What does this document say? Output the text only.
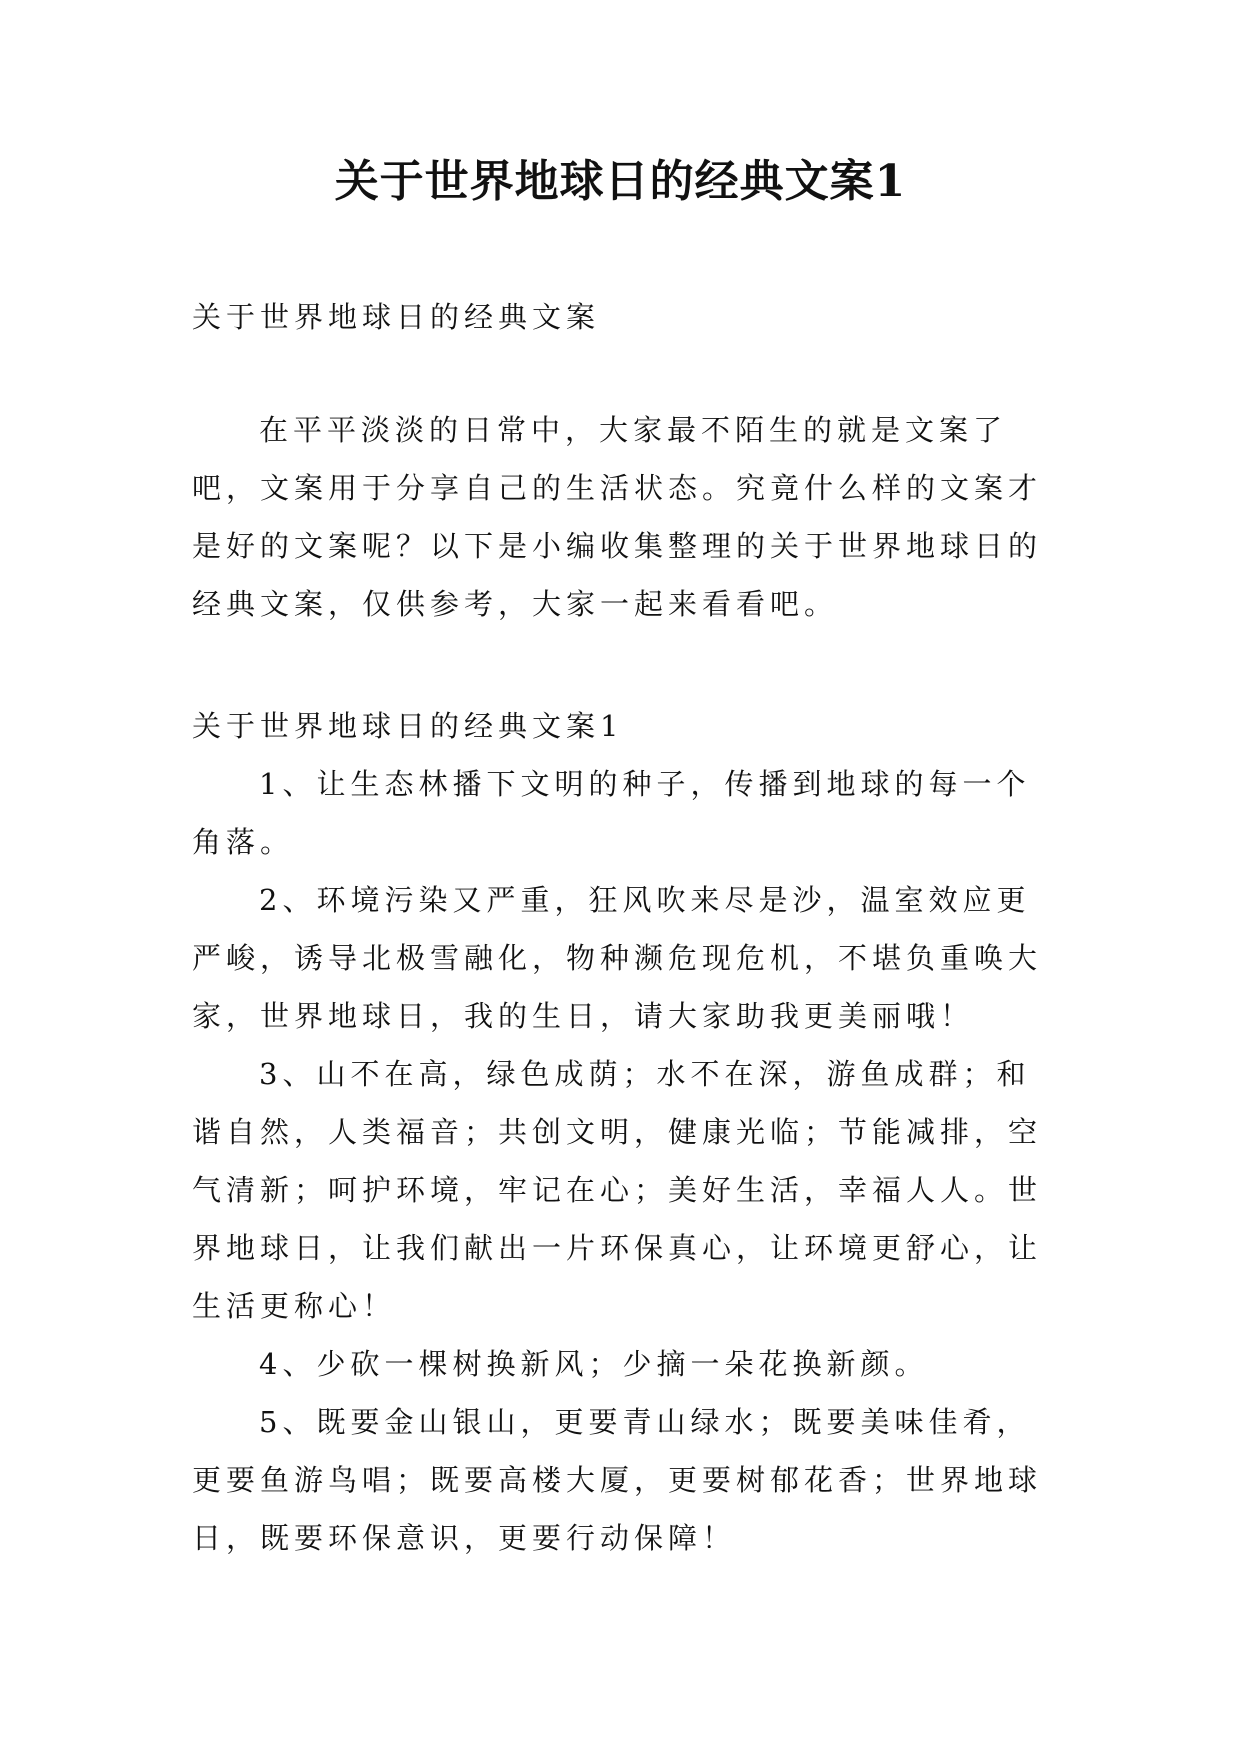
关于世界地球日的经典文案1

关于世界地球日的经典文案

在平平淡淡的日常中，大家最不陌生的就是文案了吧，文案用于分享自己的生活状态。究竟什么样的文案才是好的文案呢？以下是小编收集整理的关于世界地球日的经典文案，仅供参考，大家一起来看看吧。

关于世界地球日的经典文案1
1、让生态林播下文明的种子，传播到地球的每一个角落。
2、环境污染又严重，狂风吹来尽是沙，温室效应更严峻，诱导北极雪融化，物种濒危现危机，不堪负重唤大家，世界地球日，我的生日，请大家助我更美丽哦！
3、山不在高，绿色成荫；水不在深，游鱼成群；和谐自然，人类福音；共创文明，健康光临；节能减排，空气清新；呵护环境，牢记在心；美好生活，幸福人人。世界地球日，让我们献出一片环保真心，让环境更舒心，让生活更称心！
4、少砍一棵树换新风；少摘一朵花换新颜。
5、既要金山银山，更要青山绿水；既要美味佳肴，更要鱼游鸟唱；既要高楼大厦，更要树郁花香；世界地球日，既要环保意识，更要行动保障！
